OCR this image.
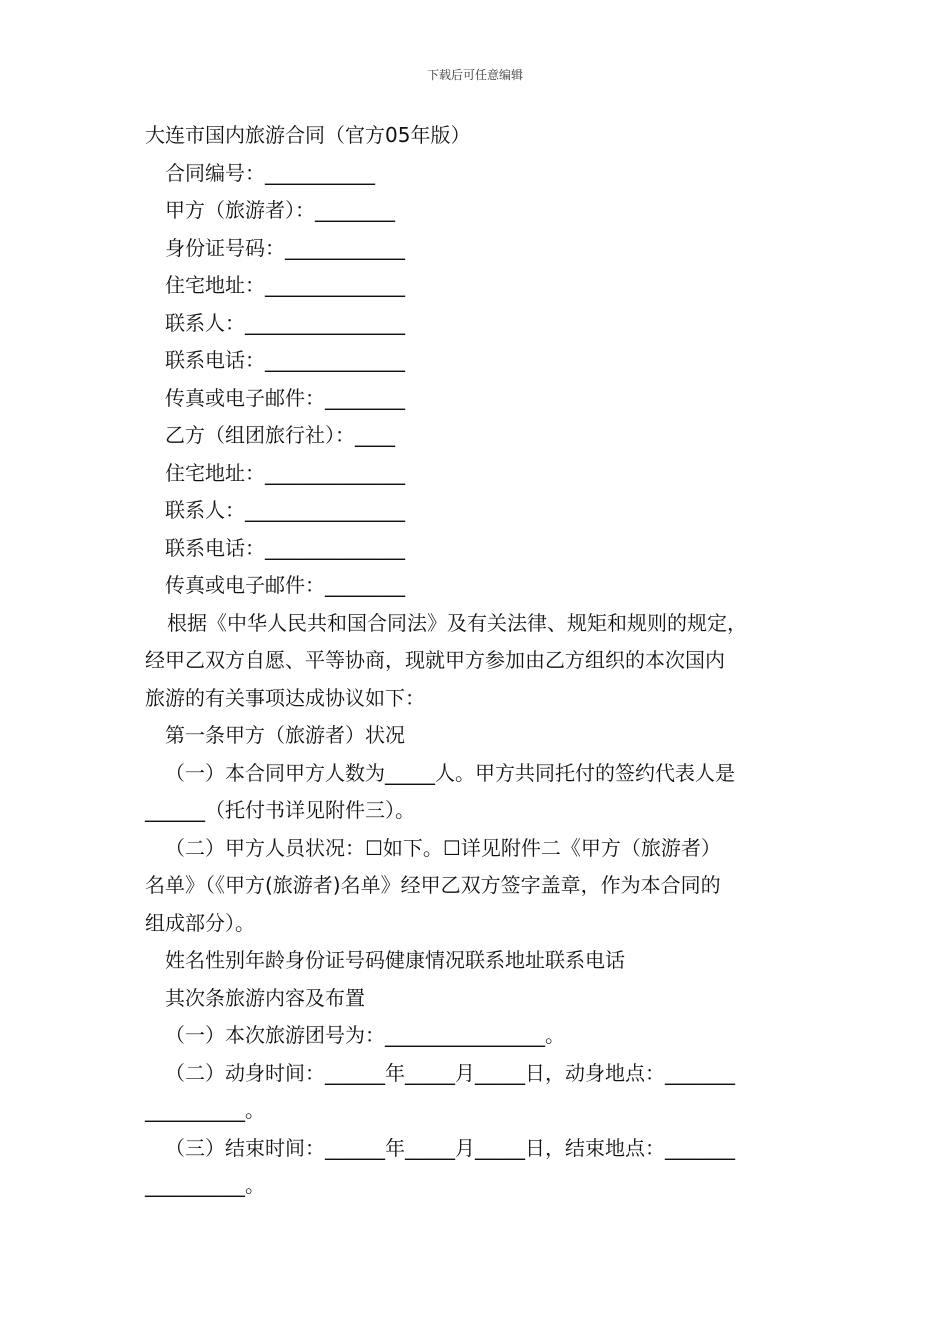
下载后可任意编辑
大连市国内旅游合同（官方05年版）
合同编号：___________
甲方（旅游者）：________
身份证号码：____________
住宅地址：______________
联系人：________________
联系电话：______________
传真或电子邮件：________
乙方（组团旅行社）：____
住宅地址：______________
联系人：________________
联系电话：______________
传真或电子邮件：________
根据《中华人民共和国合同法》及有关法律、规矩和规则的规定，
经甲乙双方自愿、平等协商，现就甲方参加由乙方组织的本次国内
旅游的有关事项达成协议如下：
第一条甲方（旅游者）状况
（一）本合同甲方人数为_____人。甲方共同托付的签约代表人是
______（托付书详见附件三）。
（二）甲方人员状况：☐如下。☐详见附件二《甲方（旅游者）
名单》（《甲方(旅游者)名单》经甲乙双方签字盖章，作为本合同的
组成部分）。
姓名性别年龄身份证号码健康情况联系地址联系电话
其次条旅游内容及布置
（一）本次旅游团号为：________________。
（二）动身时间：______年_____月_____日，动身地点：_______
__________。
（三）结束时间：______年_____月_____日，结束地点：_______
__________。
